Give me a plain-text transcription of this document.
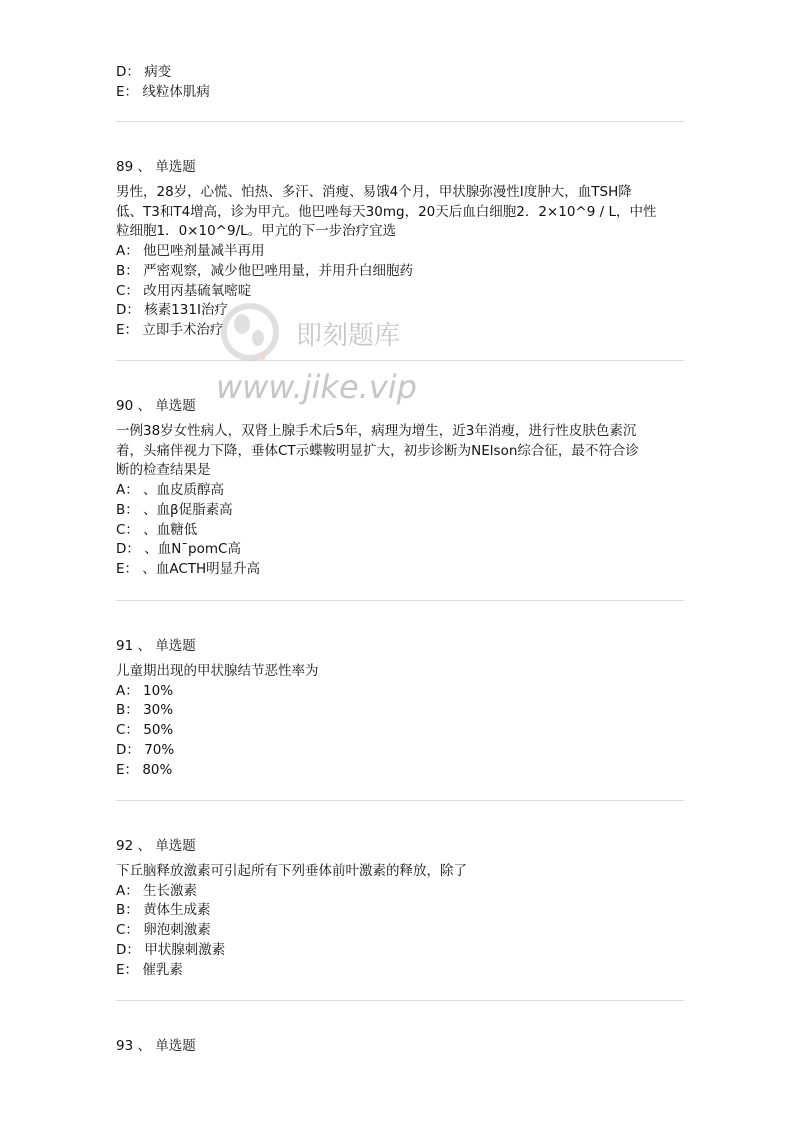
D： 病变
E： 线粒体肌病
89 、 单选题
男性，28岁，心慌、怕热、多汗、消瘦、易饿4个月，甲状腺弥漫性I度肿大，血TSH降
低、T3和T4增高，诊为甲亢。他巴唑每天30mg，20天后血白细胞2．2×10^9 / L，中性
粒细胞1．0×10^9/L。甲亢的下一步治疗宜选
A： 他巴唑剂量减半再用
B： 严密观察，减少他巴唑用量，并用升白细胞药
C： 改用丙基硫氧嘧啶
D： 核素131I治疗
E： 立即手术治疗
90 、 单选题
一例38岁女性病人，双肾上腺手术后5年，病理为增生，近3年消瘦，进行性皮肤色素沉
着，头痛伴视力下降，垂体CT示蝶鞍明显扩大，初步诊断为NElson综合征，最不符合诊
断的检查结果是
A： 、血皮质醇高
B： 、血β促脂素高
C： 、血糖低
D： 、血N¯pomC高
E： 、血ACTH明显升高
91 、 单选题
儿童期出现的甲状腺结节恶性率为
A： 10%
B： 30%
C： 50%
D： 70%
E： 80%
92 、 单选题
下丘脑释放激素可引起所有下列垂体前叶激素的释放，除了
A： 生长激素
B： 黄体生成素
C： 卵泡刺激素
D： 甲状腺刺激素
E： 催乳素
93 、 单选题
即刻题库
www.jike.vip
